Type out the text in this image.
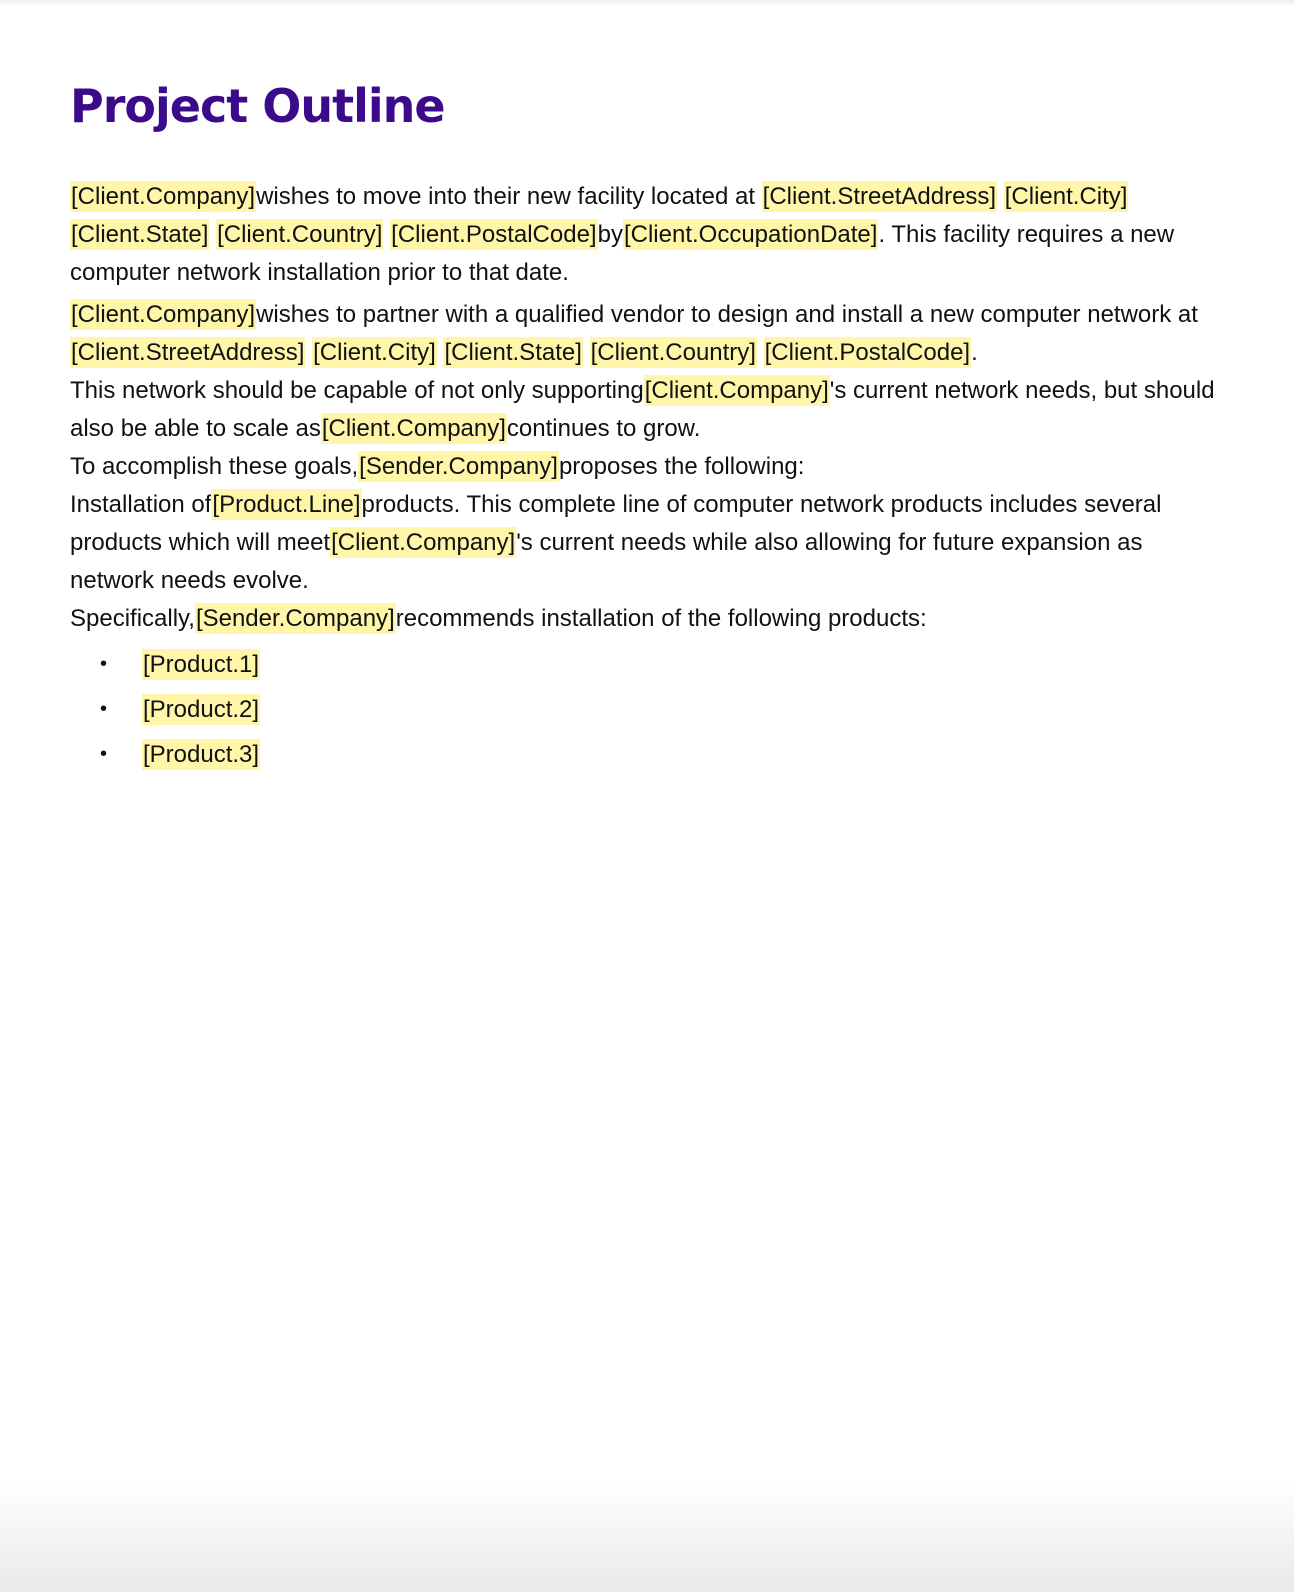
Project Outline

[Client.Company]wishes to move into their new facility located at [Client.StreetAddress] [Client.City] [Client.State] [Client.Country] [Client.PostalCode]by[Client.OccupationDate]. This facility requires a new computer network installation prior to that date.

[Client.Company]wishes to partner with a qualified vendor to design and install a new computer network at [Client.StreetAddress] [Client.City] [Client.State] [Client.Country] [Client.PostalCode].
This network should be capable of not only supporting[Client.Company]'s current network needs, but should also be able to scale as[Client.Company]continues to grow.

To accomplish these goals,[Sender.Company]proposes the following:

Installation of[Product.Line]products. This complete line of computer network products includes several products which will meet[Client.Company]'s current needs while also allowing for future expansion as network needs evolve.

Specifically,[Sender.Company]recommends installation of the following products:

• [Product.1]
• [Product.2]
• [Product.3]
